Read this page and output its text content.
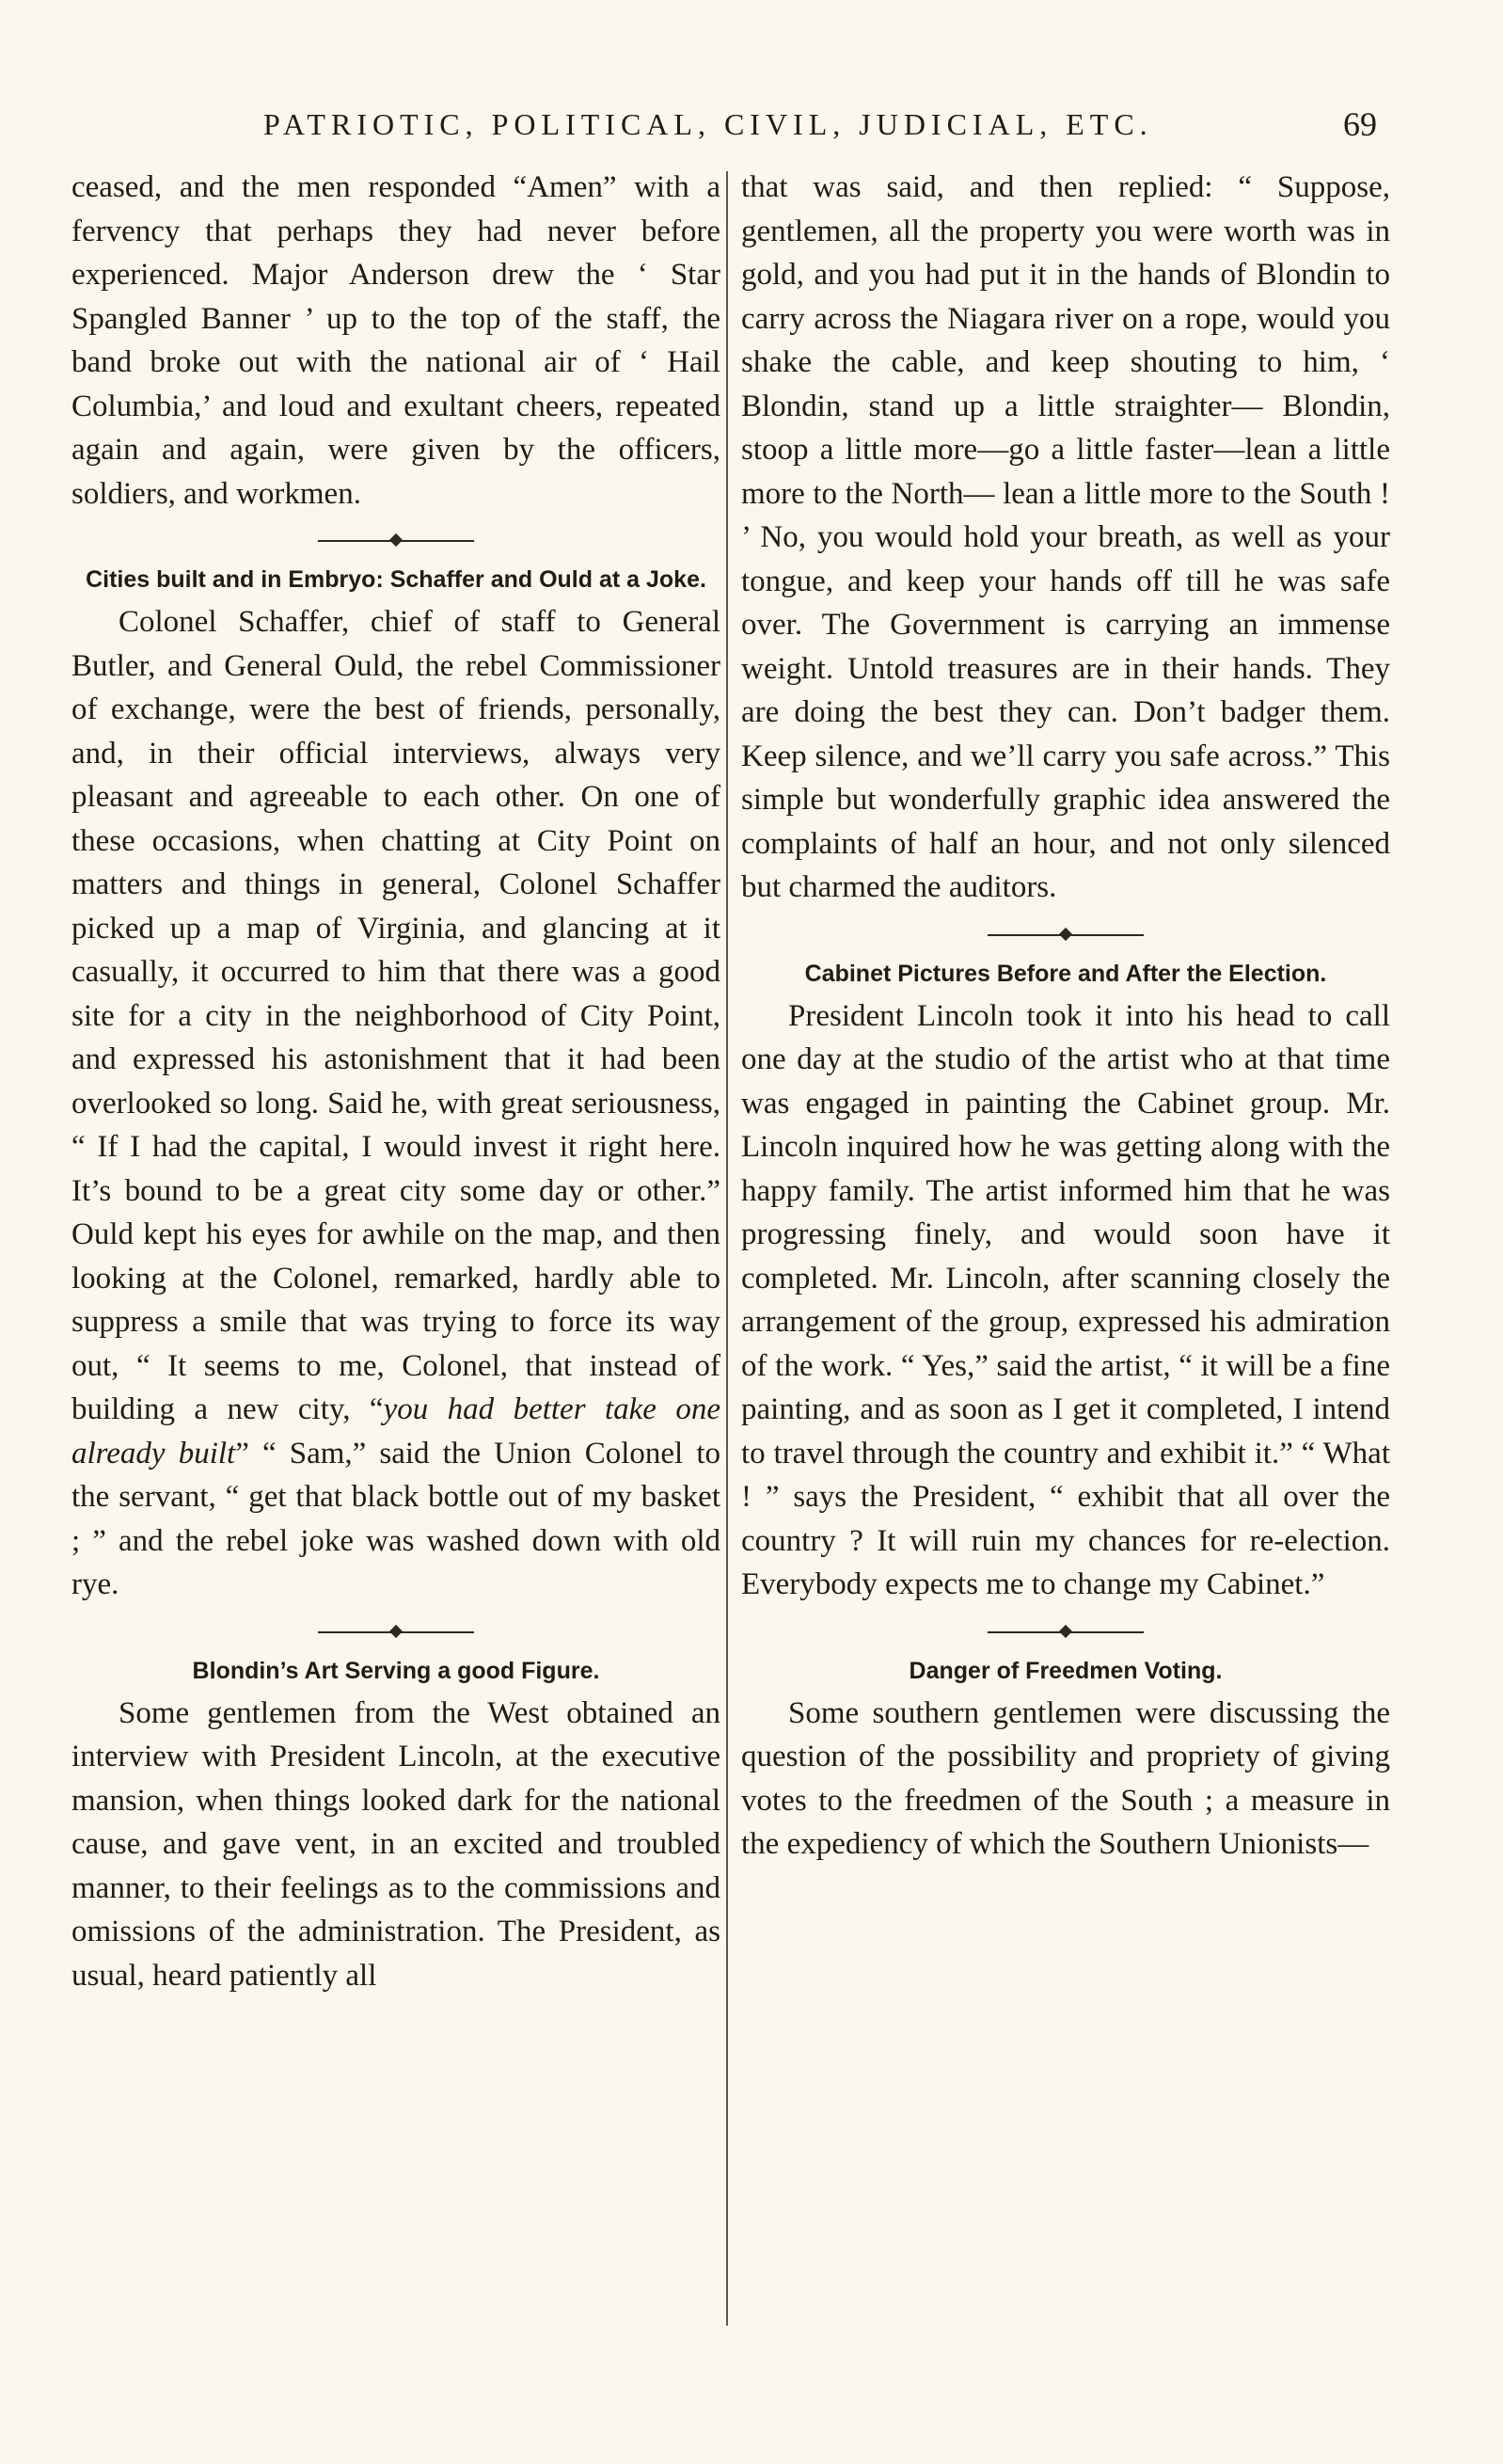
PATRIOTIC, POLITICAL, CIVIL, JUDICIAL, ETC.	69

ceased, and the men responded “Amen” with a fervency that perhaps they had never before experienced. Major Anderson drew the ‘ Star Spangled Banner ’ up to the top of the staff, the band broke out with the national air of ‘ Hail Columbia,’ and loud and exultant cheers, repeated again and again, were given by the officers, soldiers, and workmen.

Cities built and in Embryo: Schaffer and Ould at a Joke.

Colonel Schaffer, chief of staff to General Butler, and General Ould, the rebel Commissioner of exchange, were the best of friends, personally, and, in their official interviews, always very pleasant and agreeable to each other. On one of these occasions, when chatting at City Point on matters and things in general, Colonel Schaffer picked up a map of Virginia, and glancing at it casually, it occurred to him that there was a good site for a city in the neighborhood of City Point, and expressed his astonishment that it had been overlooked so long. Said he, with great seriousness, “ If I had the capital, I would invest it right here. It’s bound to be a great city some day or other.” Ould kept his eyes for awhile on the map, and then looking at the Colonel, remarked, hardly able to suppress a smile that was trying to force its way out, “ It seems to me, Colonel, that instead of building a new city, “you had better take one already built” “ Sam,” said the Union Colonel to the servant, “ get that black bottle out of my basket ; ” and the rebel joke was washed down with old rye.

Blondin’s Art Serving a good Figure.

Some gentlemen from the West obtained an interview with President Lincoln, at the executive mansion, when things looked dark for the national cause, and gave vent, in an excited and troubled manner, to their feelings as to the commissions and omissions of the administration. The President, as usual, heard patiently all

that was said, and then replied: “ Suppose, gentlemen, all the property you were worth was in gold, and you had put it in the hands of Blondin to carry across the Niagara river on a rope, would you shake the cable, and keep shouting to him, ‘ Blondin, stand up a little straighter— Blondin, stoop a little more—go a little faster—lean a little more to the North— lean a little more to the South ! ’ No, you would hold your breath, as well as your tongue, and keep your hands off till he was safe over. The Government is carrying an immense weight. Untold treasures are in their hands. They are doing the best they can. Don’t badger them. Keep silence, and we’ll carry you safe across.” This simple but wonderfully graphic idea answered the complaints of half an hour, and not only silenced but charmed the auditors.

Cabinet Pictures Before and After the Election.

President Lincoln took it into his head to call one day at the studio of the artist who at that time was engaged in painting the Cabinet group. Mr. Lincoln inquired how he was getting along with the happy family. The artist informed him that he was progressing finely, and would soon have it completed. Mr. Lincoln, after scanning closely the arrangement of the group, expressed his admiration of the work. “ Yes,” said the artist, “ it will be a fine painting, and as soon as I get it completed, I intend to travel through the country and exhibit it.” “ What ! ” says the President, “ exhibit that all over the country ? It will ruin my chances for re-election. Everybody expects me to change my Cabinet.”

Danger of Freedmen Voting.

Some southern gentlemen were discussing the question of the possibility and propriety of giving votes to the freedmen of the South ; a measure in the expediency of which the Southern Unionists—
